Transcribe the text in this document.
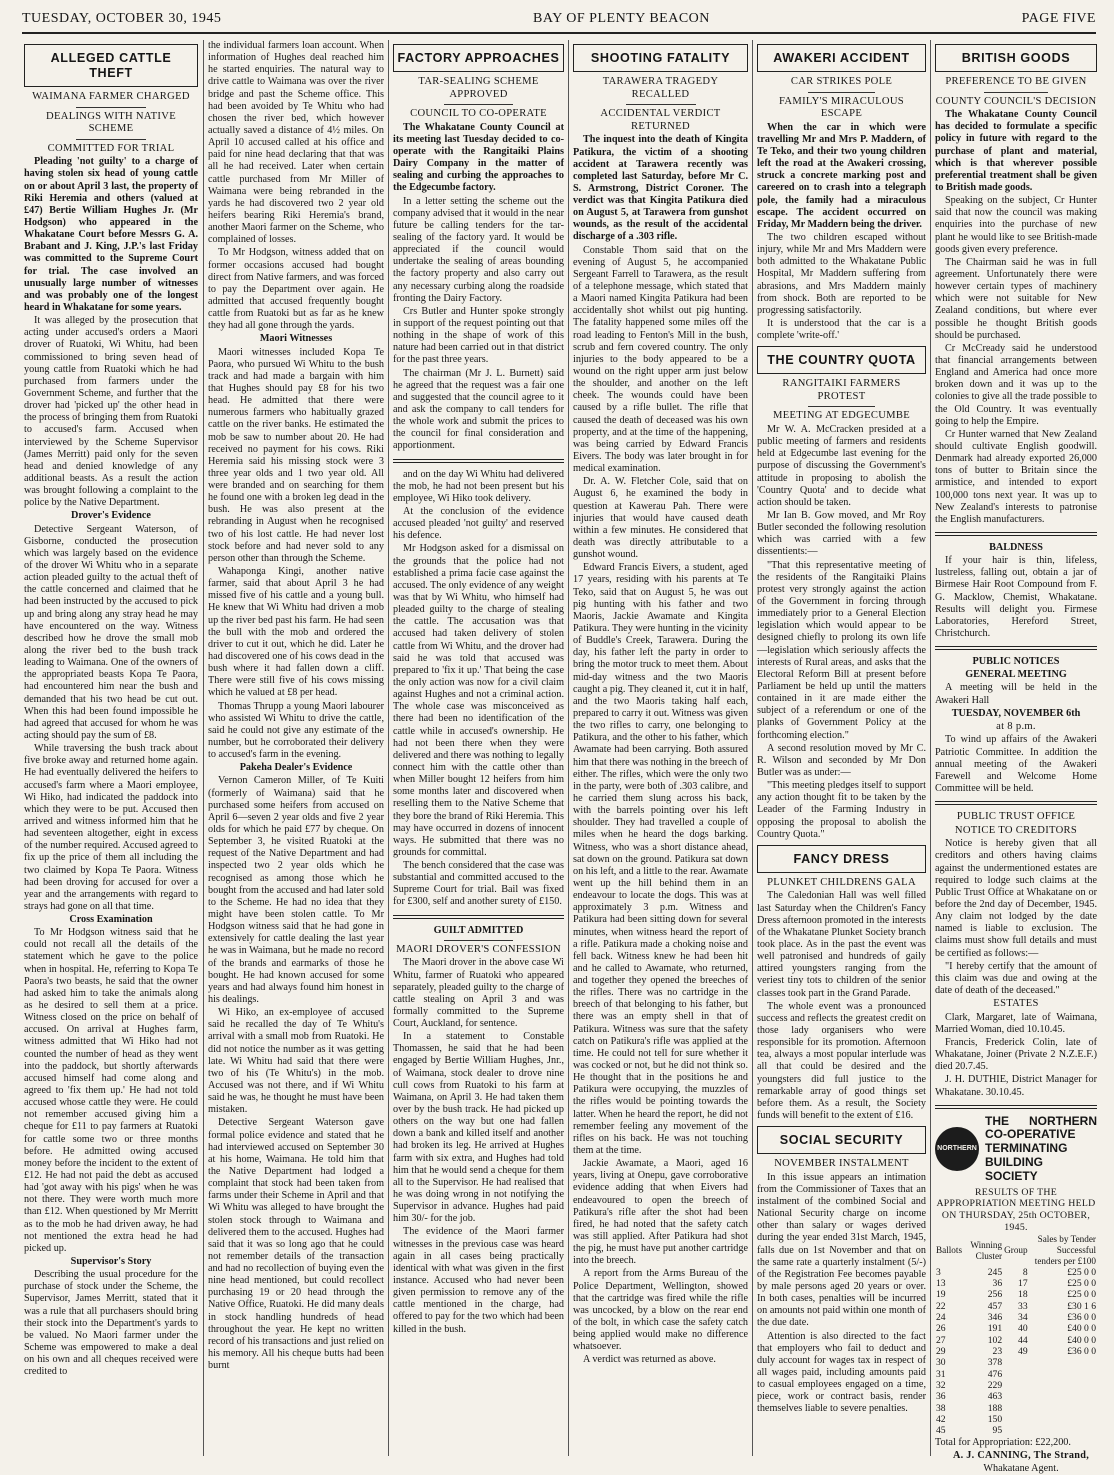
TUESDAY, OCTOBER 30, 1945	BAY OF PLENTY BEACON	PAGE FIVE
ALLEGED CATTLE THEFT

WAIMANA FARMER CHARGED

DEALINGS WITH NATIVE SCHEME

COMMITTED FOR TRIAL

Pleading 'not guilty' to a charge of having stolen six head of young cattle on or about April 3 last, the property of Riki Heremia and others (valued at £47) Bertie William Hughes Jr. (Mr Hodgson) who appeared in the Whakatane Court before Messrs G. A. Brabant and J. King, J.P.'s last Friday was committed to the Supreme Court for trial. The case involved an unusually large number of witnesses and was probably one of the longest heard in Whakatane for some years.

It was alleged by the prosecution that acting under accused's orders a Maori drover of Ruatoki, Wi Whitu, had been commissioned to bring seven head of young cattle from Ruatoki which he had purchased from farmers under the Government Scheme, and further that the drover had 'picked up' the other head in the process of bringing them from Ruatoki to accused's farm. Accused when interviewed by the Scheme Supervisor (James Merritt) paid only for the seven head and denied knowledge of any additional beasts. As a result the action was brought following a complaint to the police by the Native Department.

Drover's Evidence

Detective Sergeant Waterson, of Gisborne, conducted the prosecution which was largely based on the evidence of the drover Wi Whitu who in a separate action pleaded guilty to the actual theft of the cattle concerned and claimed that he had been instructed by the accused to pick up and bring along any stray head he may have encountered on the way. Witness described how he drove the small mob along the river bed to the bush track leading to Waimana. One of the owners of the appropriated beasts Kopa Te Paora, had encountered him near the bush and demanded that his two head be cut out. When this had been found impossible he had agreed that accused for whom he was acting should pay the sum of £8.

While traversing the bush track about five broke away and returned home again. He had eventually delivered the heifers to accused's farm where a Maori employee, Wi Hiko, had indicated the paddock into which they were to be put. Accused then arrived and witness informed him that he had seventeen altogether, eight in excess of the number required. Accused agreed to fix up the price of them all including the two claimed by Kopa Te Paora. Witness had been droving for accused for over a year and the arrangements with regard to strays had gone on all that time.

Cross Examination

To Mr Hodgson witness said that he could not recall all the details of the statement which he gave to the police when in hospital. He, referring to Kopa Te Paora's two beasts, he said that the owner had asked him to take the animals along as he desired to sell them at a price. Witness closed on the price on behalf of accused. On arrival at Hughes farm, witness admitted that Wi Hiko had not counted the number of head as they went into the paddock, but shortly afterwards accused himself had come along and agreed to 'fix them up.' He had not told accused whose cattle they were. He could not remember accused giving him a cheque for £11 to pay farmers at Ruatoki for cattle some two or three months before. He admitted owing accused money before the incident to the extent of £12. He had not paid the debt as accused had 'got away with his pigs' when he was not there. They were worth much more than £12. When questioned by Mr Merritt as to the mob he had driven away, he had not mentioned the extra head he had picked up.

Supervisor's Story

Describing the usual procedure for the purchase of stock under the Scheme, the Supervisor, James Merritt, stated that it was a rule that all purchasers should bring their stock into the Department's yards to be valued. No Maori farmer under the Scheme was empowered to make a deal on his own and all cheques received were credited to

the individual farmers loan account. When information of Hughes deal reached him he started enquiries. The natural way to drive cattle to Waimana was over the river bridge and past the Scheme office. This had been avoided by Te Whitu who had chosen the river bed, which however actually saved a distance of 4½ miles. On April 10 accused called at his office and paid for nine head declaring that that was all he had received. Later when certain cattle purchased from Mr Miller of Waimana were being rebranded in the yards he had discovered two 2 year old heifers bearing Riki Heremia's brand, another Maori farmer on the Scheme, who complained of losses.

To Mr Hodgson, witness added that on former occasions accused had bought direct from Native farmers, and was forced to pay the Department over again. He admitted that accused frequently bought cattle from Ruatoki but as far as he knew they had all gone through the yards.

Maori Witnesses

Maori witnesses included Kopa Te Paora, who pursued Wi Whitu to the bush track and had made a bargain with him that Hughes should pay £8 for his two head. He admitted that there were numerous farmers who habitually grazed cattle on the river banks. He estimated the mob be saw to number about 20. He had received no payment for his cows. Riki Heremia said his missing stock were 3 three year olds and 1 two year old. All were branded and on searching for them he found one with a broken leg dead in the bush. He was also present at the rebranding in August when he recognised two of his lost cattle. He had never lost stock before and had never sold to any person other than through the Scheme.

Wahaponga Kingi, another native farmer, said that about April 3 he had missed five of his cattle and a young bull. He knew that Wi Whitu had driven a mob up the river bed past his farm. He had seen the bull with the mob and ordered the driver to cut it out, which he did. Later he had discovered one of his cows dead in the bush where it had fallen down a cliff. There were still five of his cows missing which he valued at £8 per head.

Thomas Thrupp a young Maori labourer who assisted Wi Whitu to drive the cattle, said he could not give any estimate of the number, but he corroborated their delivery to accused's farm in the evening.

Pakeha Dealer's Evidence

Vernon Cameron Miller, of Te Kuiti (formerly of Waimana) said that he purchased some heifers from accused on April 6—seven 2 year olds and five 2 year olds for which he paid £77 by cheque. On September 3, he visited Ruatoki at the request of the Native Department and had inspected two 2 year olds which he recognised as among those which he bought from the accused and had later sold to the Scheme. He had no idea that they might have been stolen cattle. To Mr Hodgson witness said that he had gone in extensively for cattle dealing the last year he was in Waimana, but he made no record of the brands and earmarks of those he bought. He had known accused for some years and had always found him honest in his dealings.

Wi Hiko, an ex-employee of accused said he recalled the day of Te Whitu's arrival with a small mob from Ruatoki. He did not notice the number as it was getting late. Wi Whitu had said that there were two of his (Te Whitu's) in the mob. Accused was not there, and if Wi Whitu said he was, he thought he must have been mistaken.

Detective Sergeant Waterson gave formal police evidence and stated that he had interviewed accused on September 30 at his home, Waimana. He told him that the Native Department had lodged a complaint that stock had been taken from farms under their Scheme in April and that Wi Whitu was alleged to have brought the stolen stock through to Waimana and delivered them to the accused. Hughes had said that it was so long ago that he could not remember details of the transaction and had no recollection of buying even the nine head mentioned, but could recollect purchasing 19 or 20 head through the Native Office, Ruatoki. He did many deals in stock handling hundreds of head throughout the year. He kept no written record of his transactions and just relied on his memory. All his cheque butts had been burnt

FACTORY APPROACHES

TAR-SEALING SCHEME APPROVED

COUNCIL TO CO-OPERATE

The Whakatane County Council at its meeting last Tuesday decided to co-operate with the Rangitaiki Plains Dairy Company in the matter of sealing and curbing the approaches to the Edgecumbe factory.

In a letter setting the scheme out the company advised that it would in the near future be calling tenders for the tar-sealing of the factory yard. It would be appreciated if the council would undertake the sealing of areas bounding the factory property and also carry out any necessary curbing along the roadside fronting the Dairy Factory.

Crs Butler and Hunter spoke strongly in support of the request pointing out that nothing in the shape of work of this nature had been carried out in that district for the past three years.

The chairman (Mr J. L. Burnett) said he agreed that the request was a fair one and suggested that the council agree to it and ask the company to call tenders for the whole work and submit the prices to the council for final consideration and apportionment.

and on the day Wi Whitu had delivered the mob, he had not been present but his employee, Wi Hiko took delivery.

At the conclusion of the evidence accused pleaded 'not guilty' and reserved his defence.

Mr Hodgson asked for a dismissal on the grounds that the police had not established a prima facie case against the accused. The only evidence of any weight was that by Wi Whitu, who himself had pleaded guilty to the charge of stealing the cattle. The accusation was that accused had taken delivery of stolen cattle from Wi Whitu, and the drover had said he was told that accused was prepared to 'fix it up.' That being the case the only action was now for a civil claim against Hughes and not a criminal action. The whole case was misconceived as there had been no identification of the cattle while in accused's ownership. He had not been there when they were delivered and there was nothing to legally connect him with the cattle other than when Miller bought 12 heifers from him some months later and discovered when reselling them to the Native Scheme that they bore the brand of Riki Heremia. This may have occurred in dozens of innocent ways. He submitted that there was no grounds for committal.

The bench considered that the case was substantial and committed accused to the Supreme Court for trial. Bail was fixed for £300, self and another surety of £150.

GUILT ADMITTED

MAORI DROVER'S CONFESSION

The Maori drover in the above case Wi Whitu, farmer of Ruatoki who appeared separately, pleaded guilty to the charge of cattle stealing on April 3 and was formally committed to the Supreme Court, Auckland, for sentence.

In a statement to Constable Thomassen, he said that he had been engaged by Bertie William Hughes, Jnr., of Waimana, stock dealer to drove nine cull cows from Ruatoki to his farm at Waimana, on April 3. He had taken them over by the bush track. He had picked up others on the way but one had fallen down a bank and killed itself and another had broken its leg. He arrived at Hughes farm with six extra, and Hughes had told him that he would send a cheque for them all to the Supervisor. He had realised that he was doing wrong in not notifying the Supervisor in advance. Hughes had paid him 30/- for the job.

The evidence of the Maori farmer witnesses in the previous case was heard again in all cases being practically identical with what was given in the first instance. Accused who had never been given permission to remove any of the cattle mentioned in the charge, had offered to pay for the two which had been killed in the bush.

SHOOTING FATALITY

TARAWERA TRAGEDY RECALLED

ACCIDENTAL VERDICT RETURNED

The inquest into the death of Kingita Patikura, the victim of a shooting accident at Tarawera recently was completed last Saturday, before Mr C. S. Armstrong, District Coroner. The verdict was that Kingita Patikura died on August 5, at Tarawera from gunshot wounds, as the result of the accidental discharge of a .303 rifle.

Constable Thom said that on the evening of August 5, he accompanied Sergeant Farrell to Tarawera, as the result of a telephone message, which stated that a Maori named Kingita Patikura had been accidentally shot whilst out pig hunting. The fatality happened some miles off the road leading to Fenton's Mill in the bush, scrub and fern covered country. The only injuries to the body appeared to be a wound on the right upper arm just below the shoulder, and another on the left cheek. The wounds could have been caused by a rifle bullet. The rifle that caused the death of deceased was his own property, and at the time of the happening, was being carried by Edward Francis Eivers. The body was later brought in for medical examination.

Dr. A. W. Fletcher Cole, said that on August 6, he examined the body in question at Kawerau Pah. There were injuries that would have caused death within a few minutes. He considered that death was directly attributable to a gunshot wound.

Edward Francis Eivers, a student, aged 17 years, residing with his parents at Te Teko, said that on August 5, he was out pig hunting with his father and two Maoris, Jackie Awamate and Kingita Patikura. They were hunting in the vicinity of Buddle's Creek, Tarawera. During the day, his father left the party in order to bring the motor truck to meet them. About mid-day witness and the two Maoris caught a pig. They cleaned it, cut it in half, and the two Maoris taking half each, prepared to carry it out. Witness was given the two rifles to carry, one belonging to Patikura, and the other to his father, which Awamate had been carrying. Both assured him that there was nothing in the breech of either. The rifles, which were the only two in the party, were both of .303 calibre, and he carried them slung across his back, with the barrels pointing over his left shoulder. They had travelled a couple of miles when he heard the dogs barking. Witness, who was a short distance ahead, sat down on the ground. Patikura sat down on his left, and a little to the rear. Awamate went up the hill behind them in an endeavour to locate the dogs. This was at approximately 3 p.m. Witness and Patikura had been sitting down for several minutes, when witness heard the report of a rifle. Patikura made a choking noise and fell back. Witness knew he had been hit and he called to Awamate, who returned, and together they opened the breeches of the rifles. There was no cartridge in the breech of that belonging to his father, but there was an empty shell in that of Patikura. Witness was sure that the safety catch on Patikura's rifle was applied at the time. He could not tell for sure whether it was cocked or not, but he did not think so. He thought that in the positions he and Patikura were occupying, the muzzles of the rifles would be pointing towards the latter. When he heard the report, he did not remember feeling any movement of the rifles on his back. He was not touching them at the time.

Jackie Awamate, a Maori, aged 16 years, living at Onepu, gave corroborative evidence adding that when Eivers had endeavoured to open the breech of Patikura's rifle after the shot had been fired, he had noted that the safety catch was still applied. After Patikura had shot the pig, he must have put another cartridge into the breech.

A report from the Arms Bureau of the Police Department, Wellington, showed that the cartridge was fired while the rifle was uncocked, by a blow on the rear end of the bolt, in which case the safety catch being applied would make no difference whatsoever.

A verdict was returned as above.

AWAKERI ACCIDENT

CAR STRIKES POLE

FAMILY'S MIRACULOUS ESCAPE

When the car in which were travelling Mr and Mrs P. Maddern, of Te Teko, and their two young children left the road at the Awakeri crossing, struck a concrete marking post and careered on to crash into a telegraph pole, the family had a miraculous escape. The accident occurred on Friday, Mr Maddern being the driver.

The two children escaped without injury, while Mr and Mrs Maddern were both admitted to the Whakatane Public Hospital, Mr Maddern suffering from abrasions, and Mrs Maddern mainly from shock. Both are reported to be progressing satisfactorily.

It is understood that the car is a complete 'write-off.'

THE COUNTRY QUOTA

RANGITAIKI FARMERS PROTEST

MEETING AT EDGECUMBE

Mr W. A. McCracken presided at a public meeting of farmers and residents held at Edgecumbe last evening for the purpose of discussing the Government's attitude in proposing to abolish the 'Country Quota' and to decide what action should be taken.

Mr Ian B. Gow moved, and Mr Roy Butler seconded the following resolution which was carried with a few dissentients:—

"That this representative meeting of the residents of the Rangitaiki Plains protest very strongly against the action of the Government in forcing through immediately prior to a General Election legislation which would appear to be designed chiefly to prolong its own life—legislation which seriously affects the interests of Rural areas, and asks that the Electoral Reform Bill at present before Parliament be held up until the matters contained in it are made either the subject of a referendum or one of the planks of Government Policy at the forthcoming election."

A second resolution moved by Mr C. R. Wilson and seconded by Mr Don Butler was as under:—

"This meeting pledges itself to support any action thought fit to be taken by the Leader of the Farming Industry in opposing the proposal to abolish the Country Quota."

FANCY DRESS

PLUNKET CHILDRENS GALA

The Caledonian Hall was well filled last Saturday when the Children's Fancy Dress afternoon promoted in the interests of the Whakatane Plunket Society branch took place. As in the past the event was well patronised and hundreds of gaily attired youngsters ranging from the veriest tiny tots to children of the senior classes took part in the Grand Parade.

The whole event was a pronounced success and reflects the greatest credit on those lady organisers who were responsible for its promotion. Afternoon tea, always a most popular interlude was all that could be desired and the youngsters did full justice to the remarkable array of good things set before them. As a result, the Society funds will benefit to the extent of £16.

SOCIAL SECURITY

NOVEMBER INSTALMENT

In this issue appears an intimation from the Commissioner of Taxes that an instalment of the combined Social and National Security charge on income other than salary or wages derived during the year ended 31st March, 1945, falls due on 1st November and that on the same rate a quarterly instalment (5/-) of the Registration Fee becomes payable by male persons aged 20 years or over. In both cases, penalties will be incurred on amounts not paid within one month of the due date.

Attention is also directed to the fact that employers who fail to deduct and duly account for wages tax in respect of all wages paid, including amounts paid to casual employees engaged on a time, piece, work or contract basis, render themselves liable to severe penalties.

BRITISH GOODS

PREFERENCE TO BE GIVEN

COUNTY COUNCIL'S DECISION

The Whakatane County Council has decided to formulate a specific policy in future with regard to the purchase of plant and material, which is that wherever possible preferential treatment shall be given to British made goods.

Speaking on the subject, Cr Hunter said that now the council was making enquiries into the purchase of new plant he would like to see British-made goods given every preference.

The Chairman said he was in full agreement. Unfortunately there were however certain types of machinery which were not suitable for New Zealand conditions, but where ever possible he thought British goods should be purchased.

Cr McCready said he understood that financial arrangements between England and America had once more broken down and it was up to the colonies to give all the trade possible to the Old Country. It was eventually going to help the Empire.

Cr Hunter warned that New Zealand should cultivate English goodwill. Denmark had already exported 26,000 tons of butter to Britain since the armistice, and intended to export 100,000 tons next year. It was up to New Zealand's interests to patronise the English manufacturers.

BALDNESS

If your hair is thin, lifeless, lustreless, falling out, obtain a jar of Birmese Hair Root Compound from F. G. Macklow, Chemist, Whakatane. Results will delight you. Firmese Laboratories, Hereford Street, Christchurch.

PUBLIC NOTICES

GENERAL MEETING

A meeting will be held in the Awakeri Hall

TUESDAY, NOVEMBER 6th

at 8 p.m.

To wind up affairs of the Awakeri Patriotic Committee. In addition the annual meeting of the Awakeri Farewell and Welcome Home Committee will be held.

PUBLIC TRUST OFFICE

NOTICE TO CREDITORS

Notice is hereby given that all creditors and others having claims against the undermentioned estates are required to lodge such claims at the Public Trust Office at Whakatane on or before the 2nd day of December, 1945. Any claim not lodged by the date named is liable to exclusion. The claims must show full details and must be certified as follows:—

"I hereby certify that the amount of this claim was due and owing at the date of death of the deceased."

ESTATES

Clark, Margaret, late of Waimana, Married Woman, died 10.10.45.

Francis, Frederick Colin, late of Whakatane, Joiner (Private 2 N.Z.E.F.) died 20.7.45.

J. H. DUTHIE, District Manager for Whakatane. 30.10.45.

NORTHERN
THE NORTHERN CO-OPERATIVE TERMINATING BUILDING SOCIETY

RESULTS OF THE APPROPRIATION MEETING HELD ON THURSDAY, 25th OCTOBER, 1945.

Ballots	Winning Cluster	Group	Sales by Tender Successful tenders per £100
3	245	8	£25 0 0
13	36	17	£25 0 0
19	256	18	£25 0 0
22	457	33	£30 1 6
24	346	34	£36 0 0
26	191	40	£40 0 0
27	102	44	£40 0 0
29	23	49	£36 0 0
30	378		
31	476		
32	229		
36	463		
38	188		
42	150		
45	95		

Total for Appropriation: £22,200.

A. J. CANNING, The Strand,

Whakatane Agent.
